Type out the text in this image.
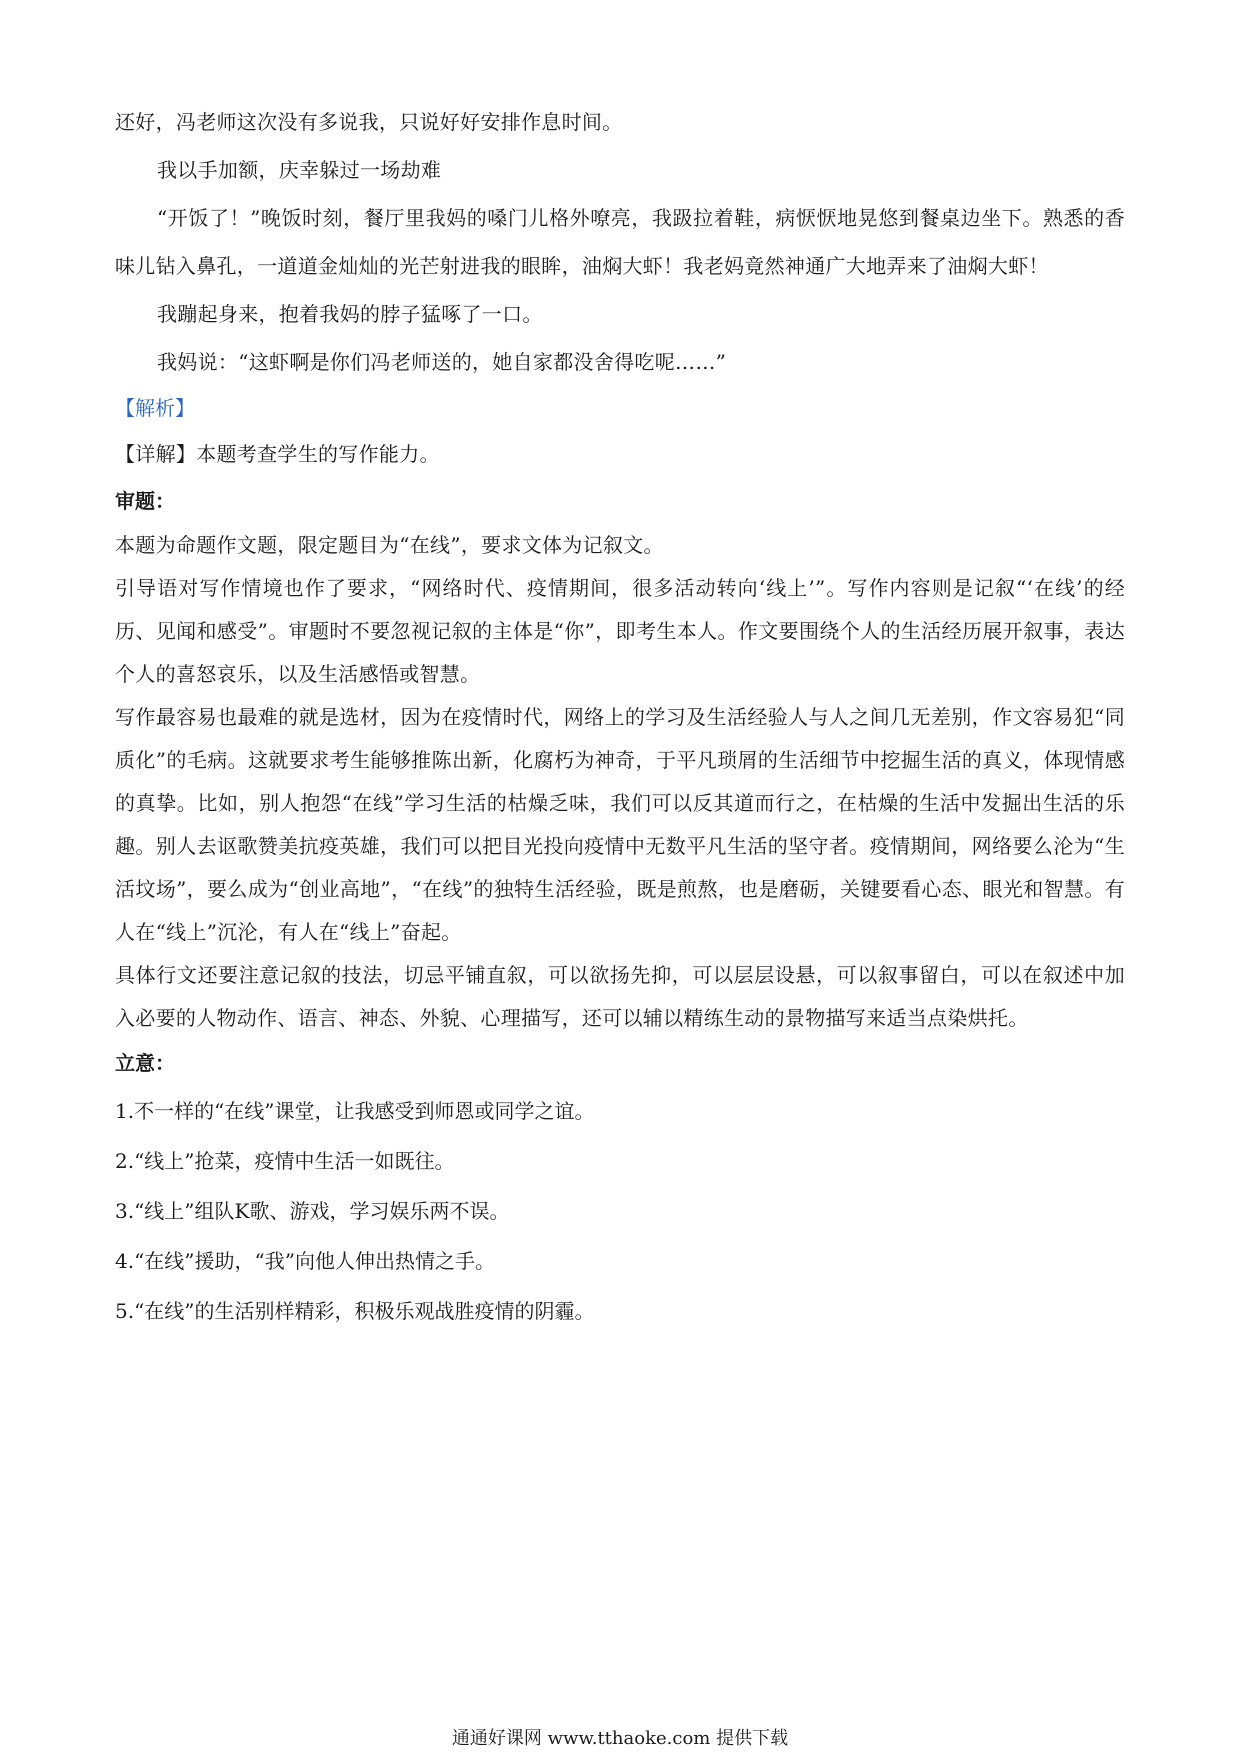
还好，冯老师这次没有多说我，只说好好安排作息时间。

我以手加额，庆幸躲过一场劫难

“开饭了！”晚饭时刻，餐厅里我妈的嗓门儿格外嘹亮，我趿拉着鞋，病恹恹地晃悠到餐桌边坐下。熟悉的香味儿钻入鼻孔，一道道金灿灿的光芒射进我的眼眸，油焖大虾！我老妈竟然神通广大地弄来了油焖大虾！

我蹦起身来，抱着我妈的脖子猛啄了一口。

我妈说：“这虾啊是你们冯老师送的，她自家都没舍得吃呢……”

【解析】

【详解】本题考查学生的写作能力。

审题：

本题为命题作文题，限定题目为“在线”，要求文体为记叙文。

引导语对写作情境也作了要求，“网络时代、疫情期间，很多活动转向‘线上’”。写作内容则是记叙“‘在线’的经历、见闻和感受”。审题时不要忽视记叙的主体是“你”，即考生本人。作文要围绕个人的生活经历展开叙事，表达个人的喜怒哀乐，以及生活感悟或智慧。

写作最容易也最难的就是选材，因为在疫情时代，网络上的学习及生活经验人与人之间几无差别，作文容易犯“同质化”的毛病。这就要求考生能够推陈出新，化腐朽为神奇，于平凡琐屑的生活细节中挖掘生活的真义，体现情感的真挚。比如，别人抱怨“在线”学习生活的枯燥乏味，我们可以反其道而行之，在枯燥的生活中发掘出生活的乐趣。别人去讴歌赞美抗疫英雄，我们可以把目光投向疫情中无数平凡生活的坚守者。疫情期间，网络要么沦为“生活坟场”，要么成为“创业高地”，“在线”的独特生活经验，既是煎熬，也是磨砺，关键要看心态、眼光和智慧。有人在“线上”沉沦，有人在“线上”奋起。

具体行文还要注意记叙的技法，切忌平铺直叙，可以欲扬先抑，可以层层设悬，可以叙事留白，可以在叙述中加入必要的人物动作、语言、神态、外貌、心理描写，还可以辅以精练生动的景物描写来适当点染烘托。

立意：

1.不一样的“在线”课堂，让我感受到师恩或同学之谊。

2.“线上”抢菜，疫情中生活一如既往。

3.“线上”组队K歌、游戏，学习娱乐两不误。

4.“在线”援助，“我”向他人伸出热情之手。

5.“在线”的生活别样精彩，积极乐观战胜疫情的阴霾。

通通好课网 www.tthaoke.com 提供下载
